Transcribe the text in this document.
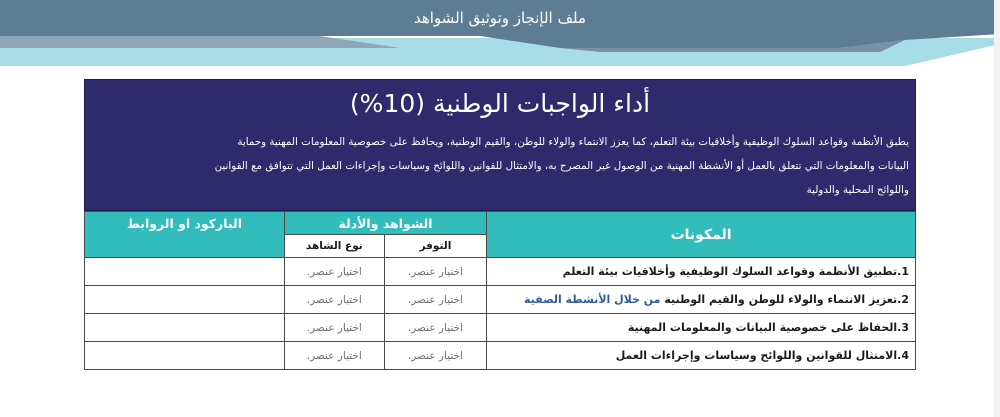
ملف الإنجاز وتوثيق الشواهد
أداء الواجبات الوطنية (10%)

يطبق الأنظمة وقواعد السلوك الوظيفية وأخلاقيات بيئة التعلم، كما يعزز الانتماء والولاء للوطن، والقيم الوطنية، ويحافظ على خصوصية المعلومات المهنية وحماية

البيانات والمعلومات التي تتعلق بالعمل أو الأنشطة المهنية من الوصول غير المصرح به، والامتثال للقوانين واللوائح وسياسات وإجراءات العمل التي تتوافق مع القوانين

واللوائح المحلية والدولية

المكونات	الشواهد والأدلة		الباركود او الروابط
	التوفر	نوع الشاهد	
1.تطبيق الأنظمة وقواعد السلوك الوظيفية وأخلاقيات بيئة التعلم	اختيار عنصر.	اختيار عنصر.	
2.تعزيز الانتماء والولاء للوطن والقيم الوطنية من خلال الأنشطة الصفية	اختيار عنصر.	اختيار عنصر.	
3.الحفاظ على خصوصية البيانات والمعلومات المهنية	اختيار عنصر.	اختيار عنصر.	
4.الامتثال للقوانين واللوائح وسياسات وإجراءات العمل	اختيار عنصر.	اختيار عنصر.	
